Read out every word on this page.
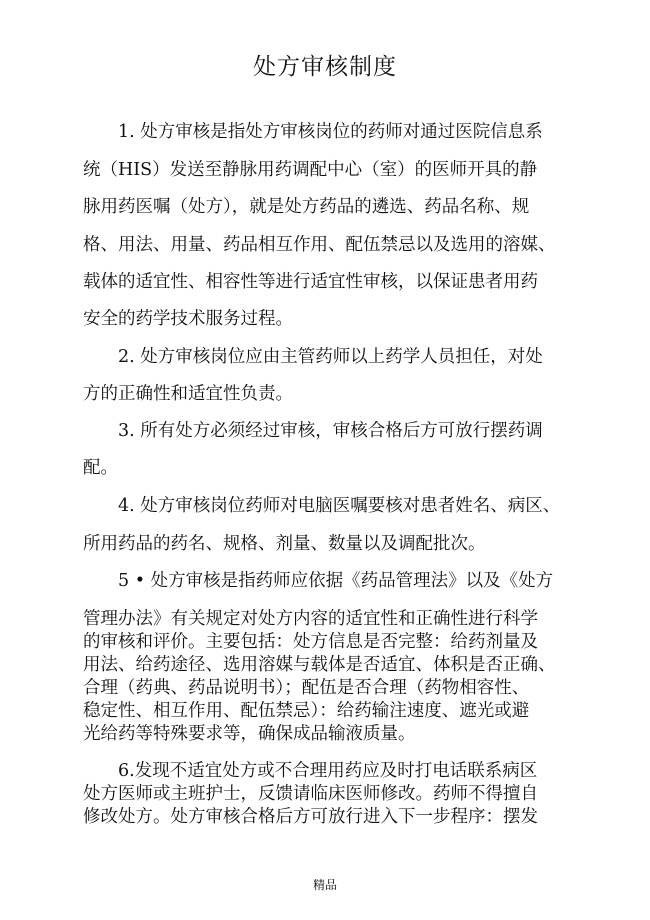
处方审核制度
1. 处方审核是指处方审核岗位的药师对通过医院信息系
统（HIS）发送至静脉用药调配中心（室）的医师开具的静
脉用药医嘱（处方），就是处方药品的遴选、药品名称、规
格、用法、用量、药品相互作用、配伍禁忌以及选用的溶媒、
载体的适宜性、相容性等进行适宜性审核，以保证患者用药
安全的药学技术服务过程。
2. 处方审核岗位应由主管药师以上药学人员担任，对处
方的正确性和适宜性负责。
3. 所有处方必须经过审核，审核合格后方可放行摆药调
配。
4. 处方审核岗位药师对电脑医嘱要核对患者姓名、病区、
所用药品的药名、规格、剂量、数量以及调配批次。
5 • 处方审核是指药师应依据《药品管理法》以及《处方
管理办法》有关规定对处方内容的适宜性和正确性进行科学
的审核和评价。主要包括：处方信息是否完整：给药剂量及
用法、给药途径、选用溶媒与载体是否适宜、体积是否正确、
合理（药典、药品说明书）；配伍是否合理（药物相容性、
稳定性、相互作用、配伍禁忌）：给药输注速度、遮光或避
光给药等特殊要求等，确保成品输液质量。
6.发现不适宜处方或不合理用药应及时打电话联系病区
处方医师或主班护士，反馈请临床医师修改。药师不得擅自
修改处方。处方审核合格后方可放行进入下一步程序：摆发
精品
